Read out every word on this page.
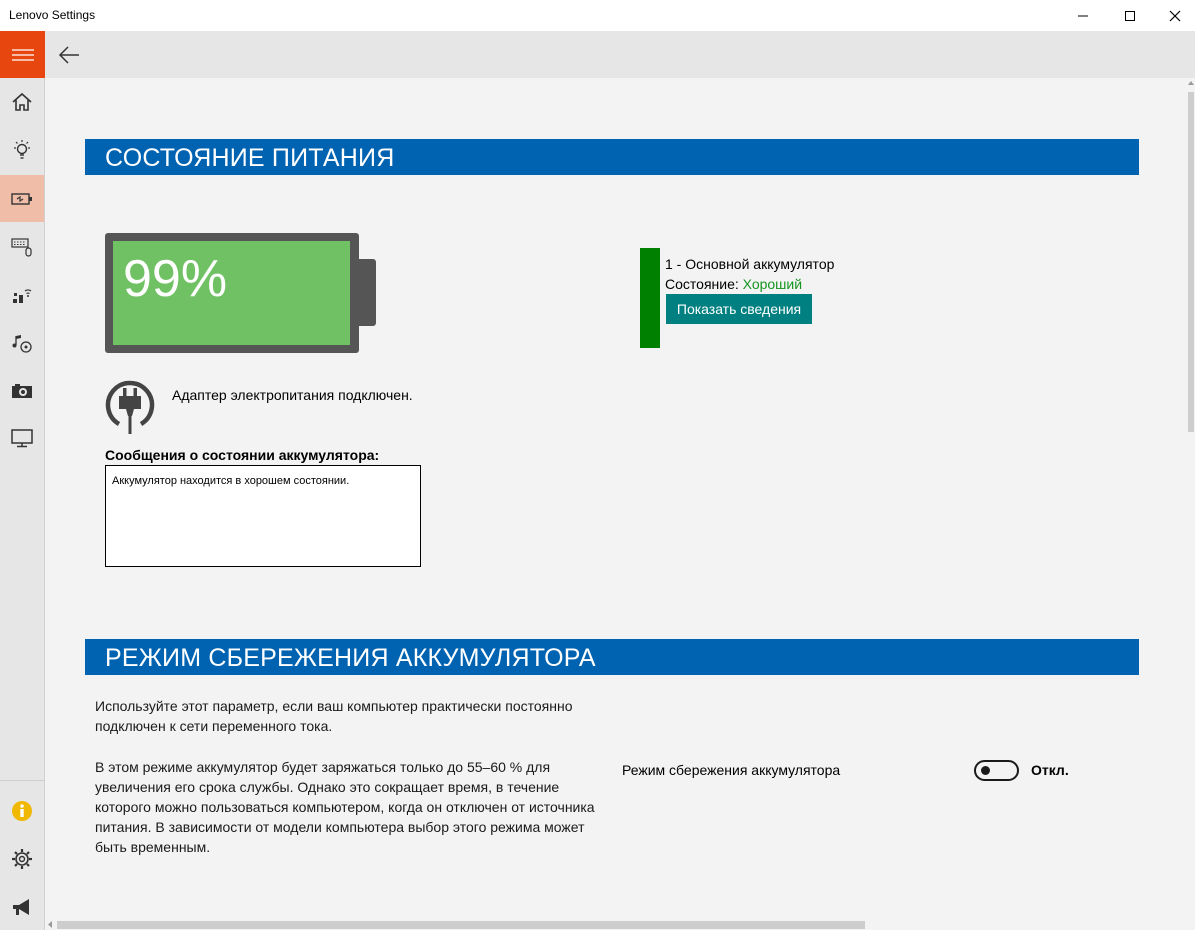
Lenovo Settings
СОСТОЯНИЕ ПИТАНИЯ
99%
Адаптер электропитания подключен.
Сообщения о состоянии аккумулятора:
Аккумулятор находится в хорошем состоянии.
1 - Основной аккумулятор
Состояние: Хороший
Показать сведения
РЕЖИМ СБЕРЕЖЕНИЯ АККУМУЛЯТОРА
Используйте этот параметр, если ваш компьютер практически постоянно подключен к сети переменного тока.
В этом режиме аккумулятор будет заряжаться только до 55–60 % для увеличения его срока службы. Однако это сокращает время, в течение которого можно пользоваться компьютером, когда он отключен от источника питания. В зависимости от модели компьютера выбор этого режима может быть временным.
Режим сбережения аккумулятора	Откл.
